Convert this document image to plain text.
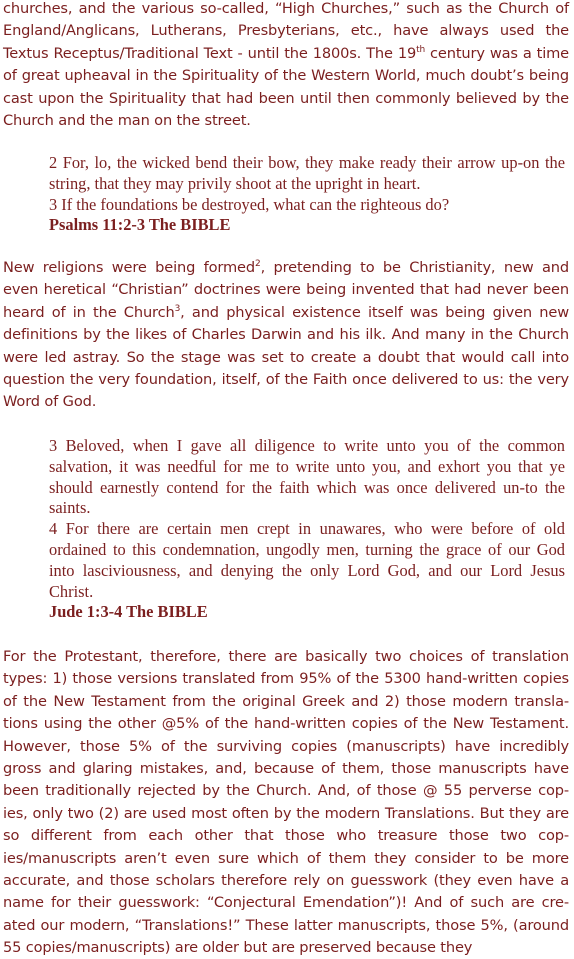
churches, and the various so-called, “High Churches,” such as the Church of England/Anglicans, Lutherans, Presbyterians, etc., have always used the Textus Receptus/Traditional Text - until the 1800s. The 19th century was a time of great upheaval in the Spirituality of the Western World, much doubt’s being cast upon the Spirituality that had been until then commonly believed by the Church and the man on the street.

2 For, lo, the wicked bend their bow, they make ready their arrow up-on the string, that they may privily shoot at the upright in heart.

3 If the foundations be destroyed, what can the righteous do?

Psalms 11:2-3 The BIBLE

New religions were being formed$^2$, pretending to be Christianity, new and even heretical “Christian” doctrines were being invented that had never been heard of in the Church$^3$, and physical existence itself was being given new definitions by the likes of Charles Darwin and his ilk. And many in the Church were led astray. So the stage was set to create a doubt that would call into question the very foundation, itself, of the Faith once delivered to us: the very Word of God.

3 Beloved, when I gave all diligence to write unto you of the common salvation, it was needful for me to write unto you, and exhort you that ye should earnestly contend for the faith which was once delivered un-to the saints.

4 For there are certain men crept in unawares, who were before of old ordained to this condemnation, ungodly men, turning the grace of our God into lasciviousness, and denying the only Lord God, and our Lord Jesus Christ.

Jude 1:3-4 The BIBLE

For the Protestant, therefore, there are basically two choices of translation types: 1) those versions translated from 95% of the 5300 hand-written copies of the New Testament from the original Greek and 2) those modern transla-tions using the other @5% of the hand-written copies of the New Testament. However, those 5% of the surviving copies (manuscripts) have incredibly gross and glaring mistakes, and, because of them, those manuscripts have been traditionally rejected by the Church. And, of those @ 55 perverse cop-ies, only two (2) are used most often by the modern Translations. But they are so different from each other that those who treasure those two cop-ies/manuscripts aren’t even sure which of them they consider to be more accurate, and those scholars therefore rely on guesswork (they even have a name for their guesswork: “Conjectural Emendation”)! And of such are cre-ated our modern, “Translations!” These latter manuscripts, those 5%, (around 55 copies/manuscripts) are older but are preserved because they
